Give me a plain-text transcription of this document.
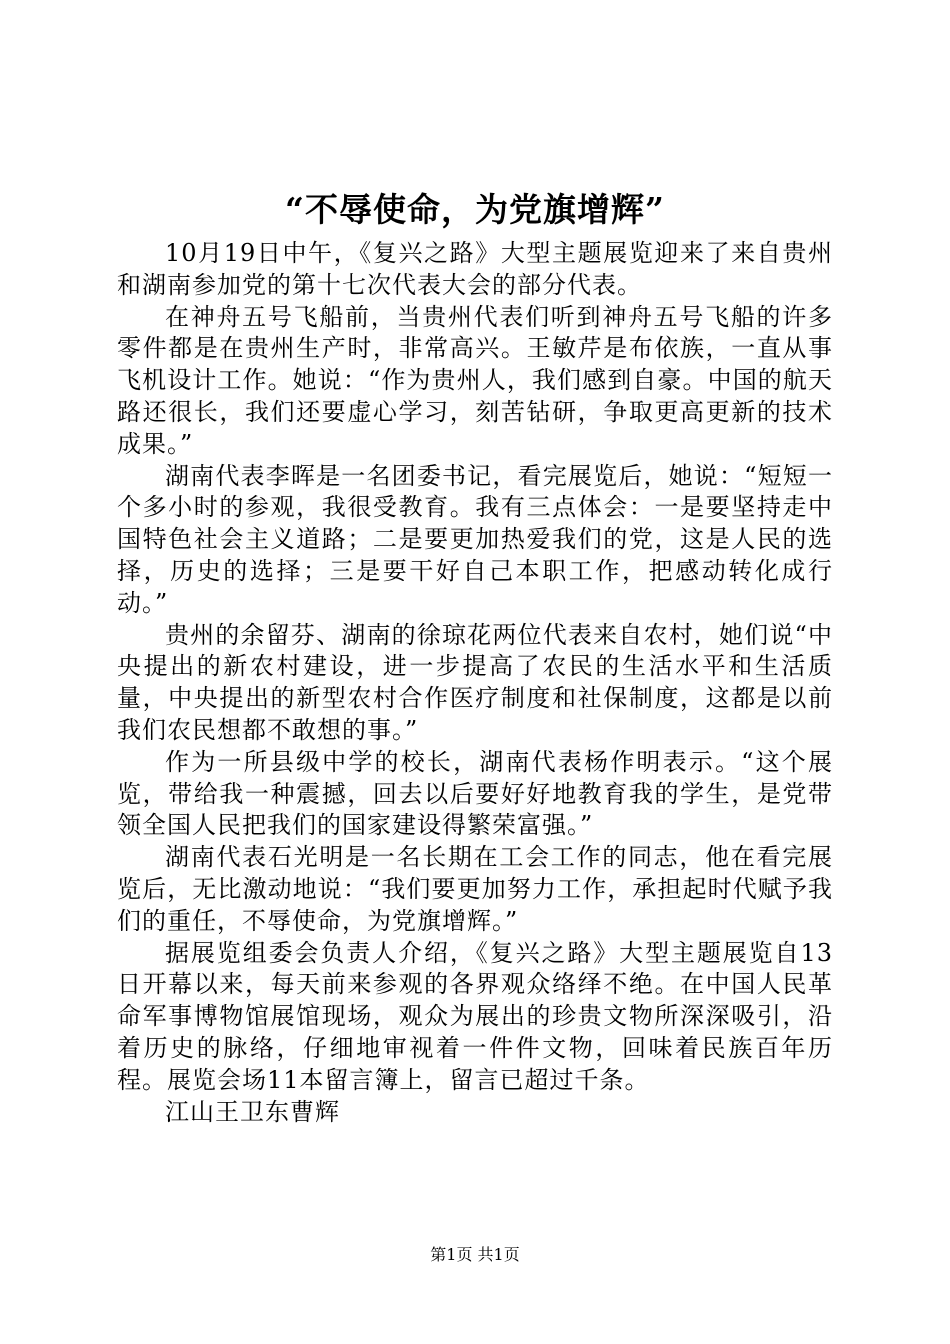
“不辱使命，为党旗增辉”

10月19日中午，《复兴之路》大型主题展览迎来了来自贵州和湖南参加党的第十七次代表大会的部分代表。

在神舟五号飞船前，当贵州代表们听到神舟五号飞船的许多零件都是在贵州生产时，非常高兴。王敏芹是布依族，一直从事飞机设计工作。她说：“作为贵州人，我们感到自豪。中国的航天路还很长，我们还要虚心学习，刻苦钻研，争取更高更新的技术成果。”

湖南代表李晖是一名团委书记，看完展览后，她说：“短短一个多小时的参观，我很受教育。我有三点体会：一是要坚持走中国特色社会主义道路；二是要更加热爱我们的党，这是人民的选择，历史的选择；三是要干好自己本职工作，把感动转化成行动。”

贵州的余留芬、湖南的徐琼花两位代表来自农村，她们说“中央提出的新农村建设，进一步提高了农民的生活水平和生活质量，中央提出的新型农村合作医疗制度和社保制度，这都是以前我们农民想都不敢想的事。”

作为一所县级中学的校长，湖南代表杨作明表示。“这个展览，带给我一种震撼，回去以后要好好地教育我的学生，是党带领全国人民把我们的国家建设得繁荣富强。”

湖南代表石光明是一名长期在工会工作的同志，他在看完展览后，无比激动地说：“我们要更加努力工作，承担起时代赋予我们的重任，不辱使命，为党旗增辉。”

据展览组委会负责人介绍，《复兴之路》大型主题展览自13日开幕以来，每天前来参观的各界观众络绎不绝。在中国人民革命军事博物馆展馆现场，观众为展出的珍贵文物所深深吸引，沿着历史的脉络，仔细地审视着一件件文物，回味着民族百年历程。展览会场11本留言簿上，留言已超过千条。

江山王卫东曹辉

第1页 共1页
